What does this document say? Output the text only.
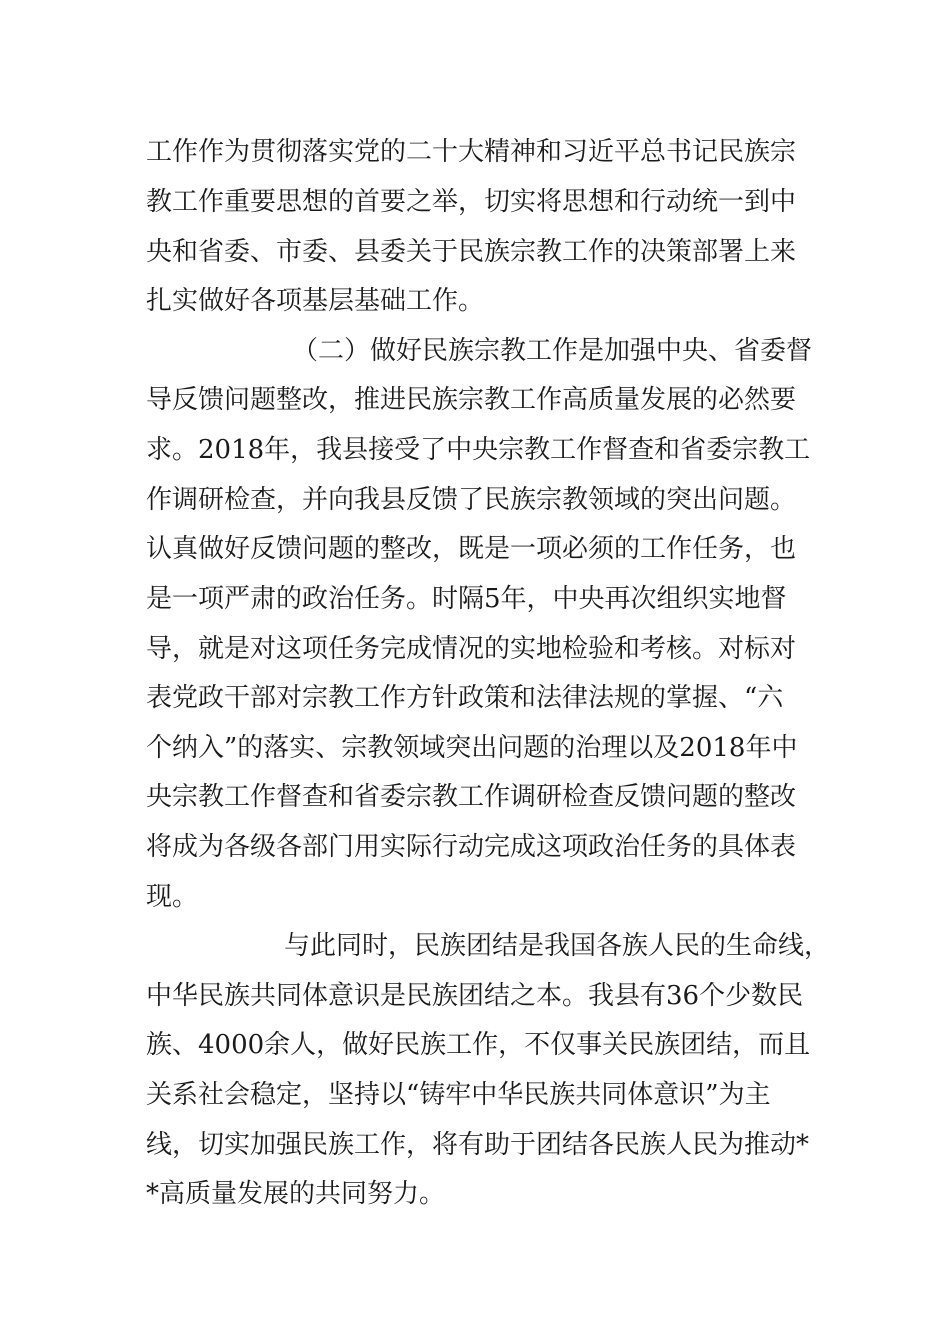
工作作为贯彻落实党的二十大精神和习近平总书记民族宗
教工作重要思想的首要之举，切实将思想和行动统一到中
央和省委、市委、县委关于民族宗教工作的决策部署上来
扎实做好各项基层基础工作。
（二）做好民族宗教工作是加强中央、省委督
导反馈问题整改，推进民族宗教工作高质量发展的必然要
求。2018年，我县接受了中央宗教工作督查和省委宗教工
作调研检查，并向我县反馈了民族宗教领域的突出问题。
认真做好反馈问题的整改，既是一项必须的工作任务，也
是一项严肃的政治任务。时隔5年，中央再次组织实地督
导，就是对这项任务完成情况的实地检验和考核。对标对
表党政干部对宗教工作方针政策和法律法规的掌握、“六
个纳入”的落实、宗教领域突出问题的治理以及2018年中
央宗教工作督查和省委宗教工作调研检查反馈问题的整改
将成为各级各部门用实际行动完成这项政治任务的具体表
现。
与此同时，民族团结是我国各族人民的生命线，
中华民族共同体意识是民族团结之本。我县有36个少数民
族、4000余人，做好民族工作，不仅事关民族团结，而且
关系社会稳定，坚持以“铸牢中华民族共同体意识”为主
线，切实加强民族工作，将有助于团结各民族人民为推动*
*高质量发展的共同努力。
